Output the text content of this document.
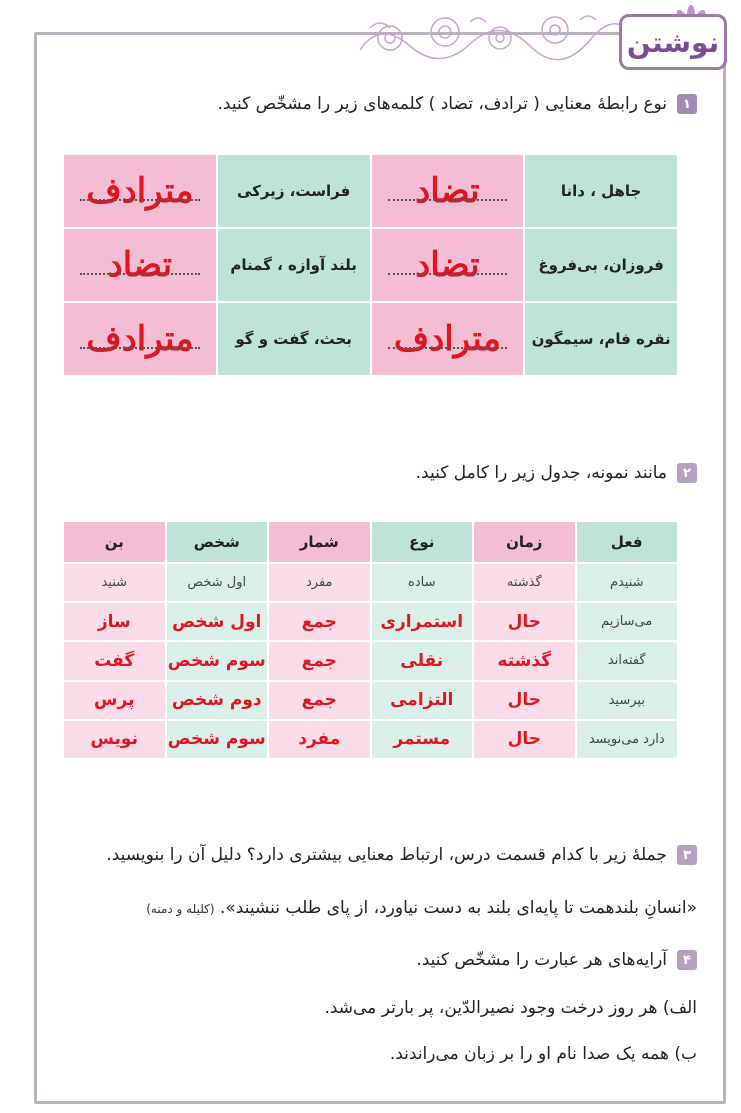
نوشتن
۱
نوع رابطهٔ معنایی ( ترادف، تضاد ) کلمه‌های زیر را مشخّص کنید.
جاهل ، دانا
تضاد
فراست، زیرکی
مترادف
فروزان، بی‌فروغ
تضاد
بلند آوازه ، گمنام
تضاد
نقره فام، سیمگون
مترادف
بحث، گفت و گو
مترادف
۲
مانند نمونه، جدول زیر را کامل کنید.
فعل
زمان
نوع
شمار
شخص
بن
شنیدم
گذشته
ساده
مفرد
اول شخص
شنید
می‌سازیم
حال
استمراری
جمع
اول شخص
ساز
گفته‌اند
گذشته
نقلی
جمع
سوم شخص
گفت
بپرسید
حال
التزامی
جمع
دوم شخص
پرس
دارد می‌نویسد
حال
مستمر
مفرد
سوم شخص
نویس
۳
جملهٔ زیر با کدام قسمت درس، ارتباط معنایی بیشتری دارد؟ دلیل آن را بنویسید.
«انسانِ بلندهمت تا پایه‌ای بلند به دست نیاورد، از پای طلب ننشیند». (کلیله و دمنه)
۴
آرایه‌های هر عبارت را مشخّص کنید.
الف) هر روز درخت وجود نصیرالدّین، پر بارتر می‌شد.
ب) همه یک صدا نام او را بر زبان می‌راندند.
